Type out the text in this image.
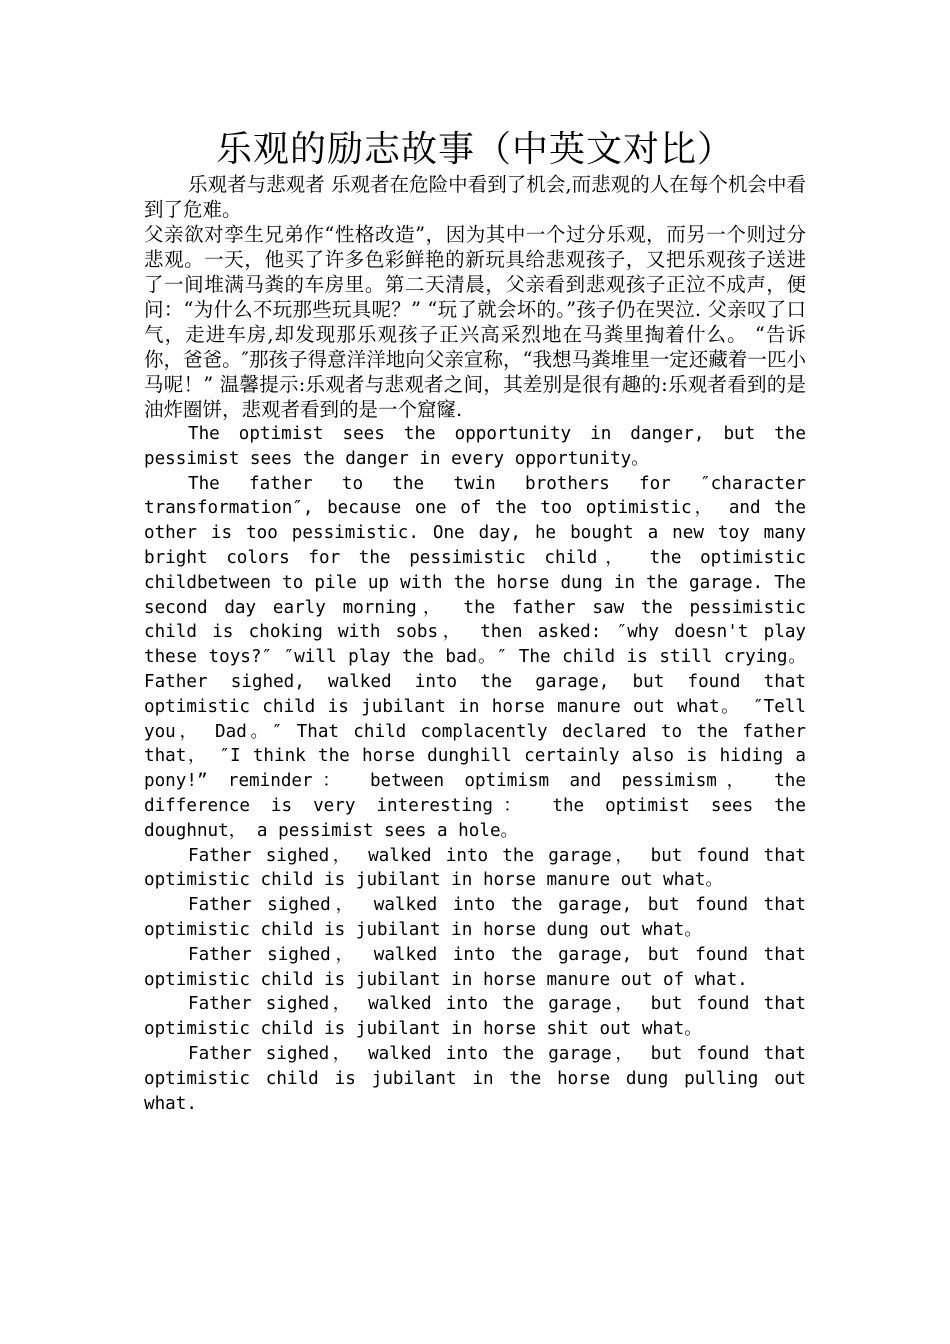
乐观的励志故事（中英文对比）

乐观者与悲观者 乐观者在危险中看到了机会,而悲观的人在每个机会中看到了危难。

父亲欲对孪生兄弟作“性格改造”，因为其中一个过分乐观，而另一个则过分悲观。一天，他买了许多色彩鲜艳的新玩具给悲观孩子，又把乐观孩子送进了一间堆满马粪的车房里。第二天清晨，父亲看到悲观孩子正泣不成声，便问：“为什么不玩那些玩具呢？” “玩了就会坏的。”孩子仍在哭泣. 父亲叹了口气，走进车房,却发现那乐观孩子正兴高采烈地在马粪里掏着什么。 “告诉你，爸爸。″那孩子得意洋洋地向父亲宣称，“我想马粪堆里一定还藏着一匹小马呢！” 温馨提示:乐观者与悲观者之间，其差别是很有趣的:乐观者看到的是油炸圈饼，悲观者看到的是一个窟窿.

The optimist sees the opportunity in danger, but the pessimist sees the danger in every opportunity。

The father to the twin brothers for ″character transformation″, because one of the too optimistic， and the other is too pessimistic. One day, he bought a new toy many bright colors for the pessimistic child， the optimistic childbetween to pile up with the horse dung in the garage. The second day early morning， the father saw the pessimistic child is choking with sobs， then asked: ″why doesn't play these toys?″ ″will play the bad。″ The child is still crying。 Father sighed, walked into the garage, but found that optimistic child is jubilant in horse manure out what。 ″Tell you， Dad。″ That child complacently declared to the father that， ″I think the horse dunghill certainly also is hiding a pony!” reminder： between optimism and pessimism， the difference is very interesting： the optimist sees the doughnut， a pessimist sees a hole。

Father sighed， walked into the garage， but found that optimistic child is jubilant in horse manure out what。

Father sighed， walked into the garage, but found that optimistic child is jubilant in horse dung out what。

Father sighed， walked into the garage, but found that optimistic child is jubilant in horse manure out of what.

Father sighed， walked into the garage， but found that optimistic child is jubilant in horse shit out what。

Father sighed， walked into the garage， but found that optimistic child is jubilant in the horse dung pulling out what.
